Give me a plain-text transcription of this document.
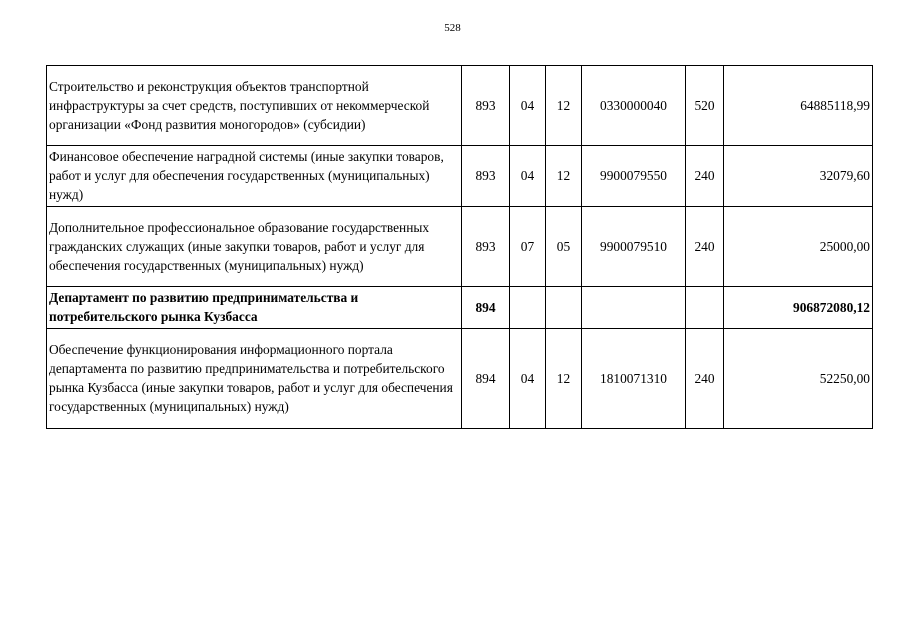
528
Строительство и реконструкция объектов транспортной инфраструктуры за счет средств, поступивших от некоммерческой организации «Фонд развития моногородов» (субсидии)	893	04	12	0330000040	520	64885118,99
Финансовое обеспечение наградной системы (иные закупки товаров, работ и услуг для обеспечения государственных (муниципальных) нужд)	893	04	12	9900079550	240	32079,60
Дополнительное профессиональное образование государственных гражданских служащих (иные закупки товаров, работ и услуг для обеспечения государственных (муниципальных) нужд)	893	07	05	9900079510	240	25000,00
Департамент по развитию предпринимательства и потребительского рынка Кузбасса	894					906872080,12
Обеспечение функционирования информационного портала департамента по развитию предпринимательства и потребительского рынка Кузбасса (иные закупки товаров, работ и услуг для обеспечения государственных (муниципальных) нужд)	894	04	12	1810071310	240	52250,00
